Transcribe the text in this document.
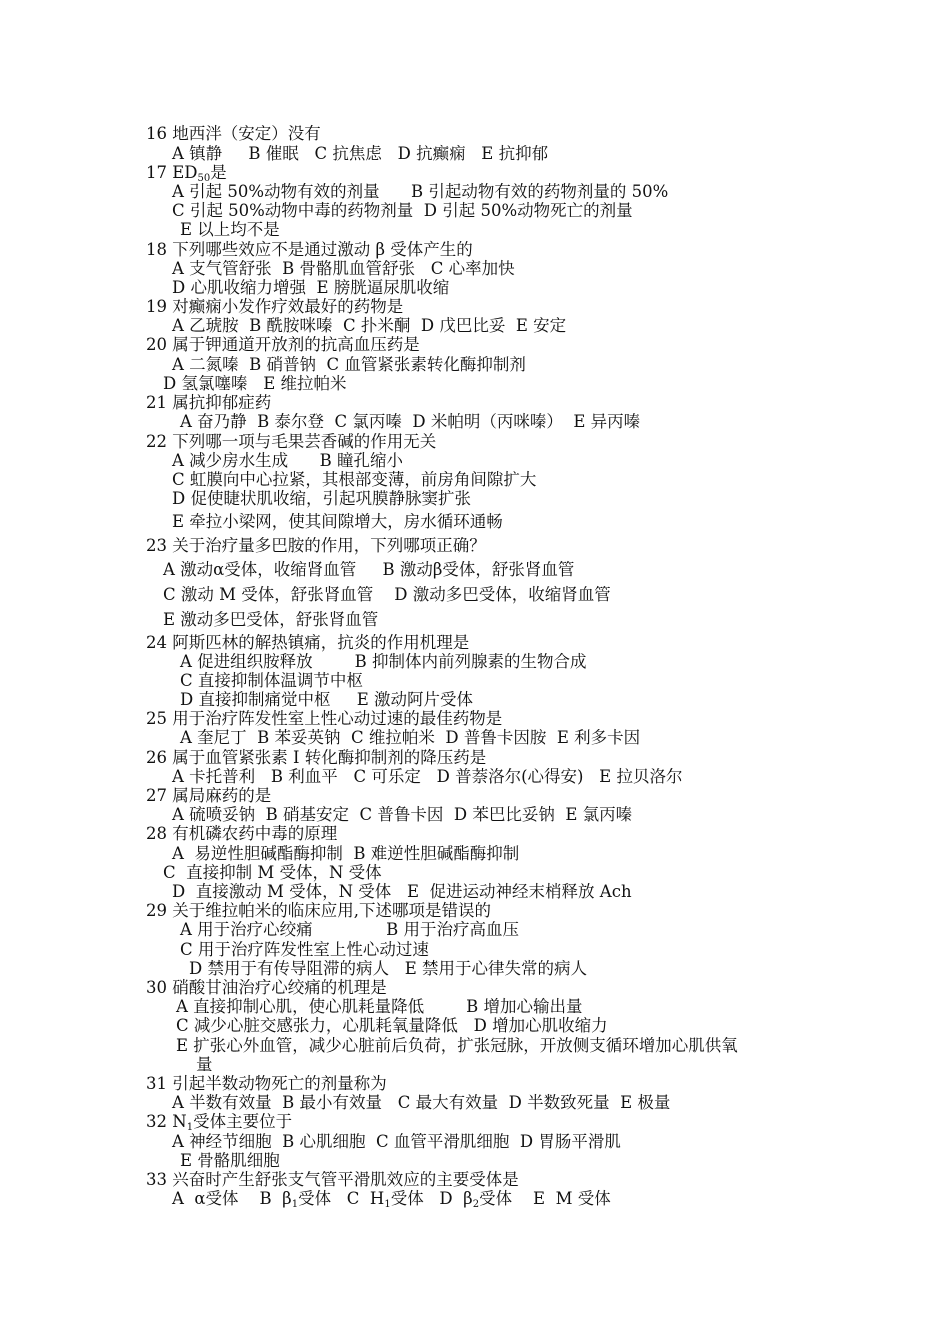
16 地西泮（安定）没有
A 镇静     B 催眠   C 抗焦虑   D 抗癫痫   E 抗抑郁
17 $ED_{50}$是
A 引起 50%动物有效的剂量      B 引起动物有效的药物剂量的 50%
C 引起 50%动物中毒的药物剂量  D 引起 50%动物死亡的剂量
E 以上均不是
18 下列哪些效应不是通过激动 β 受体产生的
A 支气管舒张  B 骨骼肌血管舒张   C 心率加快
D 心肌收缩力增强  E 膀胱逼尿肌收缩
19 对癫痫小发作疗效最好的药物是
A 乙琥胺  B 酰胺咪嗪  C 扑米酮  D 戊巴比妥  E 安定
20 属于钾通道开放剂的抗高血压药是
A 二氮嗪  B 硝普钠  C 血管紧张素转化酶抑制剂
D 氢氯噻嗪   E 维拉帕米
21 属抗抑郁症药
A 奋乃静  B 泰尔登  C 氯丙嗪  D 米帕明（丙咪嗪）  E 异丙嗪
22 下列哪一项与毛果芸香碱的作用无关
A 减少房水生成      B 瞳孔缩小
C 虹膜向中心拉紧，其根部变薄，前房角间隙扩大
D 促使睫状肌收缩，引起巩膜静脉窦扩张
E 牵拉小梁网，使其间隙增大，房水循环通畅
23 关于治疗量多巴胺的作用，下列哪项正确？
A 激动α受体，收缩肾血管     B 激动β受体，舒张肾血管
C 激动 M 受体，舒张肾血管    D 激动多巴受体，收缩肾血管
E 激动多巴受体，舒张肾血管
24 阿斯匹林的解热镇痛，抗炎的作用机理是
A 促进组织胺释放        B 抑制体内前列腺素的生物合成
C 直接抑制体温调节中枢
D 直接抑制痛觉中枢     E 激动阿片受体
25 用于治疗阵发性室上性心动过速的最佳药物是
A 奎尼丁  B 苯妥英钠  C 维拉帕米  D 普鲁卡因胺  E 利多卡因
26 属于血管紧张素 I 转化酶抑制剂的降压药是
A 卡托普利   B 利血平   C 可乐定   D 普萘洛尔(心得安)   E 拉贝洛尔
27 属局麻药的是
A 硫喷妥钠  B 硝基安定  C 普鲁卡因  D 苯巴比妥钠  E 氯丙嗪
28 有机磷农药中毒的原理
A  易逆性胆碱酯酶抑制  B 难逆性胆碱酯酶抑制
C  直接抑制 M 受体，N 受体
D  直接激动 M 受体，N 受体   E  促进运动神经末梢释放 Ach
29 关于维拉帕米的临床应用,下述哪项是错误的
A 用于治疗心绞痛              B 用于治疗高血压
C 用于治疗阵发性室上性心动过速
D 禁用于有传导阻滞的病人   E 禁用于心律失常的病人
30 硝酸甘油治疗心绞痛的机理是
A 直接抑制心肌，使心肌耗量降低        B 增加心输出量
C 减少心脏交感张力，心肌耗氧量降低   D 增加心肌收缩力
E 扩张心外血管，减少心脏前后负荷，扩张冠脉，开放侧支循环增加心肌供氧
量
31 引起半数动物死亡的剂量称为
A 半数有效量  B 最小有效量   C 最大有效量  D 半数致死量  E 极量
32 $N_1$受体主要位于
A 神经节细胞  B 心肌细胞  C 血管平滑肌细胞  D 胃肠平滑肌
E 骨骼肌细胞
33 兴奋时产生舒张支气管平滑肌效应的主要受体是
A  α受体    B  $\beta_1$受体   C  $H_1$受体   D  $\beta_2$受体    E  M 受体
